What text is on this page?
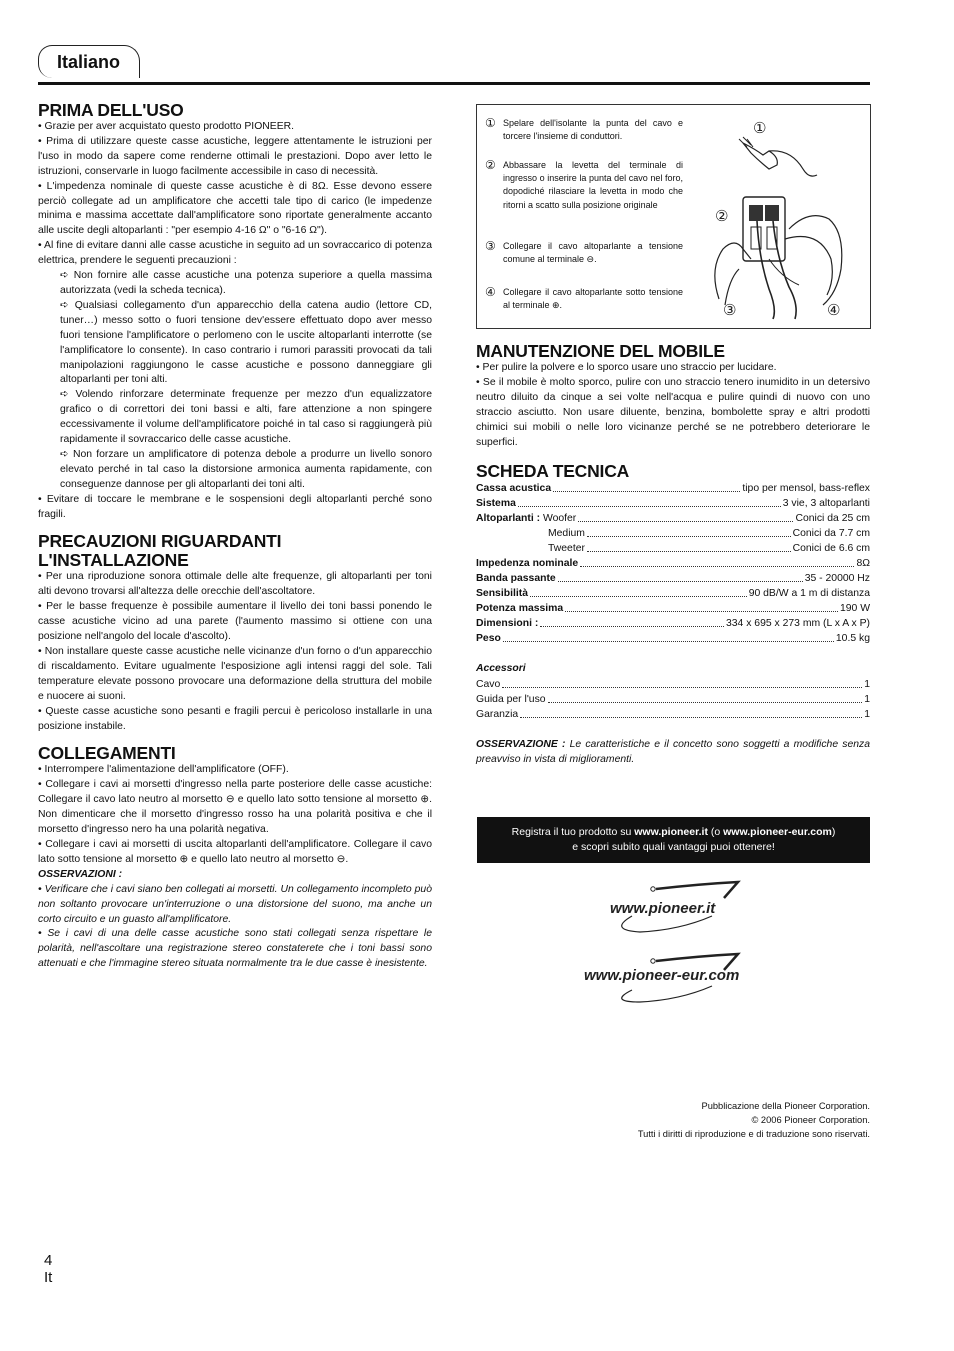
Italiano
PRIMA DELL'USO

• Grazie per aver acquistato questo prodotto PIONEER.

• Prima di utilizzare queste casse acustiche, leggere attentamente le istruzioni per l'uso in modo da sapere come renderne ottimali le prestazioni. Dopo aver letto le istruzioni, conservarle in luogo facilmente accessibile in caso di necessità.

• L'impedenza nominale di queste casse acustiche è di 8Ω. Esse devono essere perciò collegate ad un amplificatore che accetti tale tipo di carico (le impedenze minima e massima accettate dall'amplificatore sono riportate generalmente accanto alle uscite degli altoparlanti : "per esempio 4-16 Ω" o "6-16 Ω").

• Al fine di evitare danni alle casse acustiche in seguito ad un sovraccarico di potenza elettrica, prendere le seguenti precauzioni :

➪ Non fornire alle casse acustiche una potenza superiore a quella massima autorizzata (vedi la scheda tecnica).

➪ Qualsiasi collegamento d'un apparecchio della catena audio (lettore CD, tuner…) messo sotto o fuori tensione dev'essere effettuato dopo aver messo fuori tensione l'amplificatore o perlomeno con le uscite altoparlanti interrotte (se l'amplificatore lo consente). In caso contrario i rumori parassiti provocati da tali manipolazioni raggiungono le casse acustiche e possono danneggiare gli altoparlanti per toni alti.

➪ Volendo rinforzare determinate frequenze per mezzo d'un equalizzatore grafico o di correttori dei toni bassi e alti, fare attenzione a non spingere eccessivamente il volume dell'amplificatore poiché in tal caso si raggiungerà più rapidamente il sovraccarico delle casse acustiche.

➪ Non forzare un amplificatore di potenza debole a produrre un livello sonoro elevato perché in tal caso la distorsione armonica aumenta rapidamente, con conseguenze dannose per gli altoparlanti dei toni alti.

• Evitare di toccare le membrane e le sospensioni degli altoparlanti perché sono fragili.

PRECAUZIONI RIGUARDANTI L'INSTALLAZIONE

• Per una riproduzione sonora ottimale delle alte frequenze, gli altoparlanti per toni alti devono trovarsi all'altezza delle orecchie dell'ascoltatore.

• Per le basse frequenze è possibile aumentare il livello dei toni bassi ponendo le casse acustiche vicino ad una parete (l'aumento massimo si ottiene con una posizione nell'angolo del locale d'ascolto).

• Non installare queste casse acustiche nelle vicinanze d'un forno o d'un apparecchio di riscaldamento. Evitare ugualmente l'esposizione agli intensi raggi del sole. Tali temperature elevate possono provocare una deformazione della struttura del mobile e nuocere ai suoni.

• Queste casse acustiche sono pesanti e fragili percui è pericoloso installarle in una posizione instabile.

COLLEGAMENTI

• Interrompere l'alimentazione dell'amplificatore (OFF).

• Collegare i cavi ai morsetti d'ingresso nella parte posteriore delle casse acustiche: Collegare il cavo lato neutro al morsetto ⊖ e quello lato sotto tensione al morsetto ⊕. Non dimenticare che il morsetto d'ingresso rosso ha una polarità positiva e che il morsetto d'ingresso nero ha una polarità negativa.

• Collegare i cavi ai morsetti di uscita altoparlanti dell'amplificatore. Collegare il cavo lato sotto tensione al morsetto ⊕ e quello lato neutro al morsetto ⊖.

OSSERVAZIONI :

• Verificare che i cavi siano ben collegati ai morsetti. Un collegamento incompleto può non soltanto provocare un'interruzione o una distorsione del suono, ma anche un corto circuito e un guasto all'amplificatore.

• Se i cavi di una delle casse acustiche sono stati collegati senza rispettare le polarità, nell'ascoltare una registrazione stereo constaterete che i toni bassi sono attenuati e che l'immagine stereo situata normalmente tra le due casse è inesistente.

① Spelare dell'isolante la punta del cavo e torcere l'insieme di conduttori.
② Abbassare la levetta del terminale di ingresso o inserire la punta del cavo nel foro, dopodiché rilasciare la levetta in modo che ritorni a scatto sulla posizione originale
③ Collegare il cavo altoparlante a tensione comune al terminale ⊖.
④ Collegare il cavo altoparlante sotto tensione al terminale ⊕.
①
②
③	④
MANUTENZIONE DEL MOBILE

• Per pulire la polvere e lo sporco usare uno straccio per lucidare.

• Se il mobile è molto sporco, pulire con uno straccio tenero inumidito in un detersivo neutro diluito da cinque a sei volte nell'acqua e pulire quindi di nuovo con uno straccio asciutto. Non usare diluente, benzina, bombolette spray e altri prodotti chimici sui mobili o nelle loro vicinanze perché se ne potrebbero deteriorare le superfici.

SCHEDA TECNICA
Cassa acustica	tipo per mensol, bass-reflex
Sistema	3 vie, 3 altoparlanti
Altoparlanti :
Woofer	Conici da 25 cm
Medium	Conici da 7.7 cm
Tweeter	Conici de 6.6 cm
Impedenza nominale	8Ω
Banda passante	35 - 20000 Hz
Sensibilità	90 dB/W a 1 m di distanza
Potenza massima	190 W
Dimensioni :	334 x 695 x 273 mm (L x A x P)
Peso	10.5 kg

Accessori

Cavo	1
Guida per l'uso	1
Garanzia	1

OSSERVAZIONE : Le caratteristiche e il concetto sono soggetti a modifiche senza preavviso in vista di miglioramenti.

Registra il tuo prodotto su www.pioneer.it (o www.pioneer-eur.com)
e scopri subito quali vantaggi puoi ottenere!
www.pioneer.it
www.pioneer-eur.com
Pubblicazione della Pioneer Corporation.
© 2006 Pioneer Corporation.
Tutti i diritti di riproduzione e di traduzione sono riservati.
4
It
